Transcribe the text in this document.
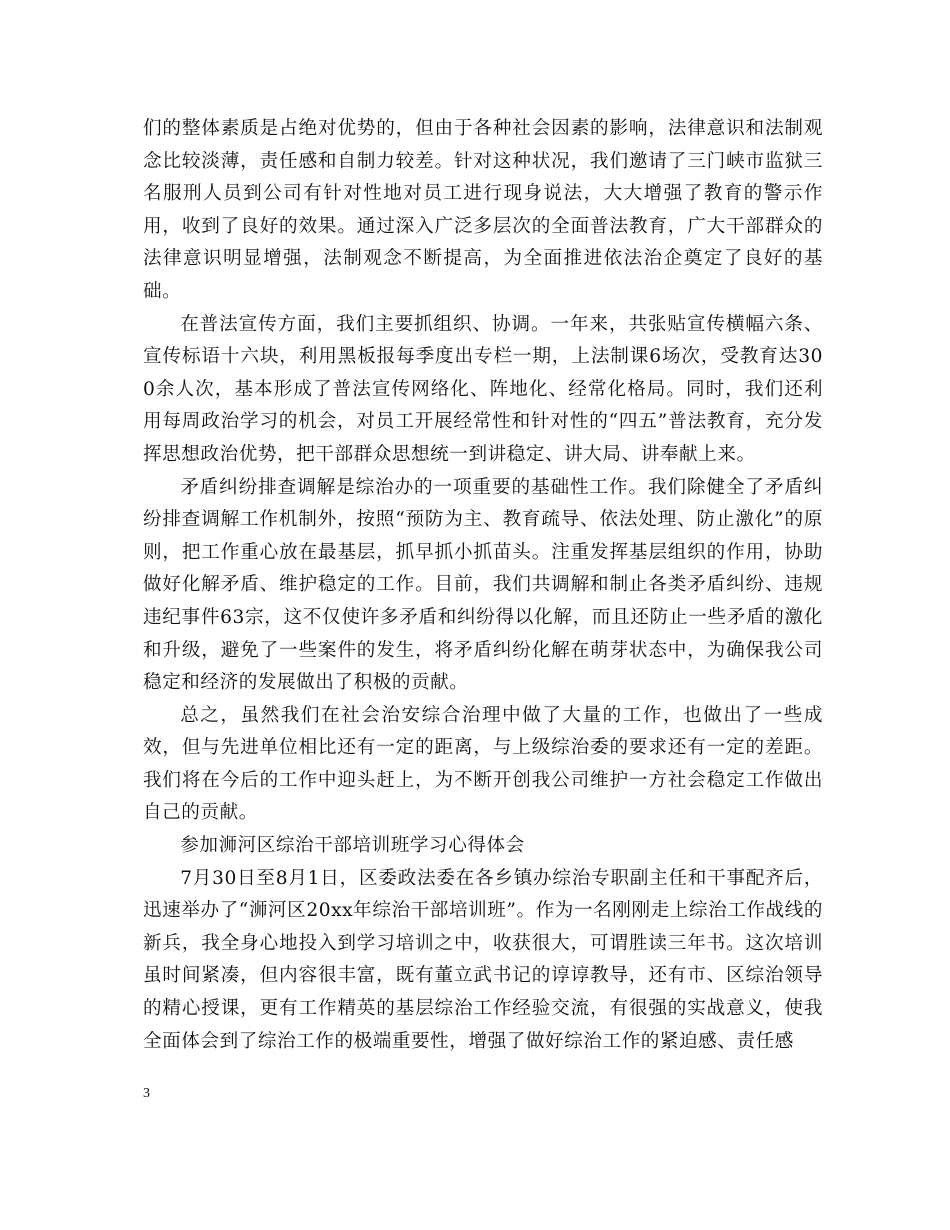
们的整体素质是占绝对优势的，但由于各种社会因素的影响，法律意识和法制观念比较淡薄，责任感和自制力较差。针对这种状况，我们邀请了三门峡市监狱三名服刑人员到公司有针对性地对员工进行现身说法，大大增强了教育的警示作用，收到了良好的效果。通过深入广泛多层次的全面普法教育，广大干部群众的法律意识明显增强，法制观念不断提高，为全面推进依法治企奠定了良好的基础。

在普法宣传方面，我们主要抓组织、协调。一年来，共张贴宣传横幅六条、宣传标语十六块，利用黑板报每季度出专栏一期，上法制课6场次，受教育达300余人次，基本形成了普法宣传网络化、阵地化、经常化格局。同时，我们还利用每周政治学习的机会，对员工开展经常性和针对性的“四五”普法教育，充分发挥思想政治优势，把干部群众思想统一到讲稳定、讲大局、讲奉献上来。

矛盾纠纷排查调解是综治办的一项重要的基础性工作。我们除健全了矛盾纠纷排查调解工作机制外，按照“预防为主、教育疏导、依法处理、防止激化”的原则，把工作重心放在最基层，抓早抓小抓苗头。注重发挥基层组织的作用，协助做好化解矛盾、维护稳定的工作。目前，我们共调解和制止各类矛盾纠纷、违规违纪事件63宗，这不仅使许多矛盾和纠纷得以化解，而且还防止一些矛盾的激化和升级，避免了一些案件的发生，将矛盾纠纷化解在萌芽状态中，为确保我公司稳定和经济的发展做出了积极的贡献。

总之，虽然我们在社会治安综合治理中做了大量的工作，也做出了一些成效，但与先进单位相比还有一定的距离，与上级综治委的要求还有一定的差距。我们将在今后的工作中迎头赶上，为不断开创我公司维护一方社会稳定工作做出自己的贡献。

参加浉河区综治干部培训班学习心得体会

7月30日至8月1日，区委政法委在各乡镇办综治专职副主任和干事配齐后，迅速举办了“浉河区20xx年综治干部培训班”。作为一名刚刚走上综治工作战线的新兵，我全身心地投入到学习培训之中，收获很大，可谓胜读三年书。这次培训虽时间紧凑，但内容很丰富，既有董立武书记的谆谆教导，还有市、区综治领导的精心授课，更有工作精英的基层综治工作经验交流，有很强的实战意义，使我全面体会到了综治工作的极端重要性，增强了做好综治工作的紧迫感、责任感

3
